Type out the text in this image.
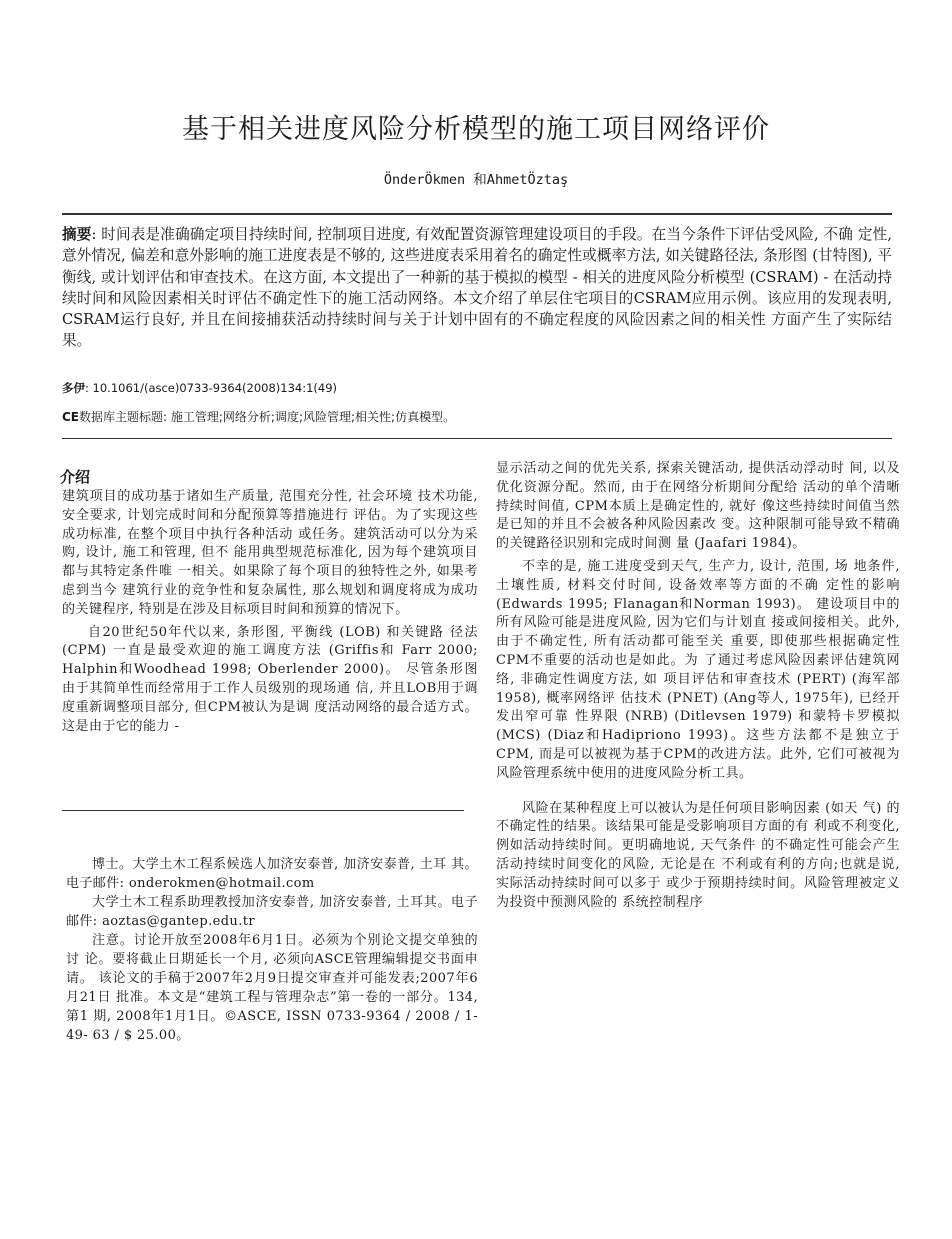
基于相关进度风险分析模型的施工项目网络评价
ÖnderÖkmen 和AhmetÖztaş
摘要: 时间表是准确确定项目持续时间, 控制项目进度, 有效配置资源管理建设项目的手段。在当今条件下评估受风险, 不确 定性, 意外情况, 偏差和意外影响的施工进度表是不够的, 这些进度表采用着名的确定性或概率方法, 如关键路径法, 条形图 (甘特图), 平衡线, 或计划评估和审查技术。在这方面, 本文提出了一种新的基于模拟的模型 - 相关的进度风险分析模型 (CSRAM) - 在活动持续时间和风险因素相关时评估不确定性下的施工活动网络。本文介绍了单层住宅项目的CSRAM应用示例。该应用的发现表明, CSRAM运行良好, 并且在间接捕获活动持续时间与关于计划中固有的不确定程度的风险因素之间的相关性 方面产生了实际结果。
多伊: 10.1061/(asce)0733-9364(2008)134:1(49)
CE数据库主题标题: 施工管理;网络分析;调度;风险管理;相关性;仿真模型。
介绍

建筑项目的成功基于诸如生产质量, 范围充分性, 社会环境 技术功能, 安全要求, 计划完成时间和分配预算等措施进行 评估。为了实现这些成功标准, 在整个项目中执行各种活动 或任务。建筑活动可以分为采购, 设计, 施工和管理, 但不 能用典型规范标准化, 因为每个建筑项目都与其特定条件唯 一相关。如果除了每个项目的独特性之外, 如果考虑到当今 建筑行业的竞争性和复杂属性, 那么规划和调度将成为成功 的关键程序, 特别是在涉及目标项目时间和预算的情况下。

自20世纪50年代以来, 条形图, 平衡线 (LOB) 和关键路 径法 (CPM) 一直是最受欢迎的施工调度方法 (Griffis和 Farr 2000; Halphin和Woodhead 1998; Oberlender 2000)。 尽管条形图由于其简单性而经常用于工作人员级别的现场通 信, 并且LOB用于调度重新调整项目部分, 但CPM被认为是调 度活动网络的最合适方式。这是由于它的能力 -

博士。大学土木工程系候选人加济安泰普, 加济安泰普, 土耳 其。电子邮件: onderokmen@hotmail.com

大学土木工程系助理教授加济安泰普, 加济安泰普, 土耳其。电子邮件: aoztas@gantep.edu.tr

注意。讨论开放至2008年6月1日。必须为个别论文提交单独的讨 论。要将截止日期延长一个月, 必须向ASCE管理编辑提交书面申请。 该论文的手稿于2007年2月9日提交审查并可能发表;2007年6月21日 批准。本文是“建筑工程与管理杂志”第一卷的一部分。134, 第1 期, 2008年1月1日。©ASCE, ISSN 0733-9364 / 2008 / 1-49- 63 / $ 25.00。

显示活动之间的优先关系, 探索关键活动, 提供活动浮动时 间, 以及优化资源分配。然而, 由于在网络分析期间分配给 活动的单个清晰持续时间值, CPM本质上是确定性的, 就好 像这些持续时间值当然是已知的并且不会被各种风险因素改 变。这种限制可能导致不精确的关键路径识别和完成时间测 量 (Jaafari 1984)。

不幸的是, 施工进度受到天气, 生产力, 设计, 范围, 场 地条件, 土壤性质, 材料交付时间, 设备效率等方面的不确 定性的影响 (Edwards 1995; Flanagan和Norman 1993)。 建设项目中的所有风险可能是进度风险, 因为它们与计划直 接或间接相关。此外, 由于不确定性, 所有活动都可能至关 重要, 即使那些根据确定性CPM不重要的活动也是如此。为 了通过考虑风险因素评估建筑网络, 非确定性调度方法, 如 项目评估和审查技术 (PERT) (海军部1958), 概率网络评 估技术 (PNET) (Ang等人, 1975年), 已经开发出窄可靠 性界限 (NRB) (Ditlevsen 1979) 和蒙特卡罗模拟 (MCS) (Diaz和Hadipriono 1993)。这些方法都不是独立于CPM, 而是可以被视为基于CPM的改进方法。此外, 它们可被视为 风险管理系统中使用的进度风险分析工具。

风险在某种程度上可以被认为是任何项目影响因素 (如天 气) 的不确定性的结果。该结果可能是受影响项目方面的有 利或不利变化, 例如活动持续时间。更明确地说, 天气条件 的不确定性可能会产生活动持续时间变化的风险, 无论是在 不利或有利的方向;也就是说, 实际活动持续时间可以多于 或少于预期持续时间。风险管理被定义为投资中预测风险的 系统控制程序
